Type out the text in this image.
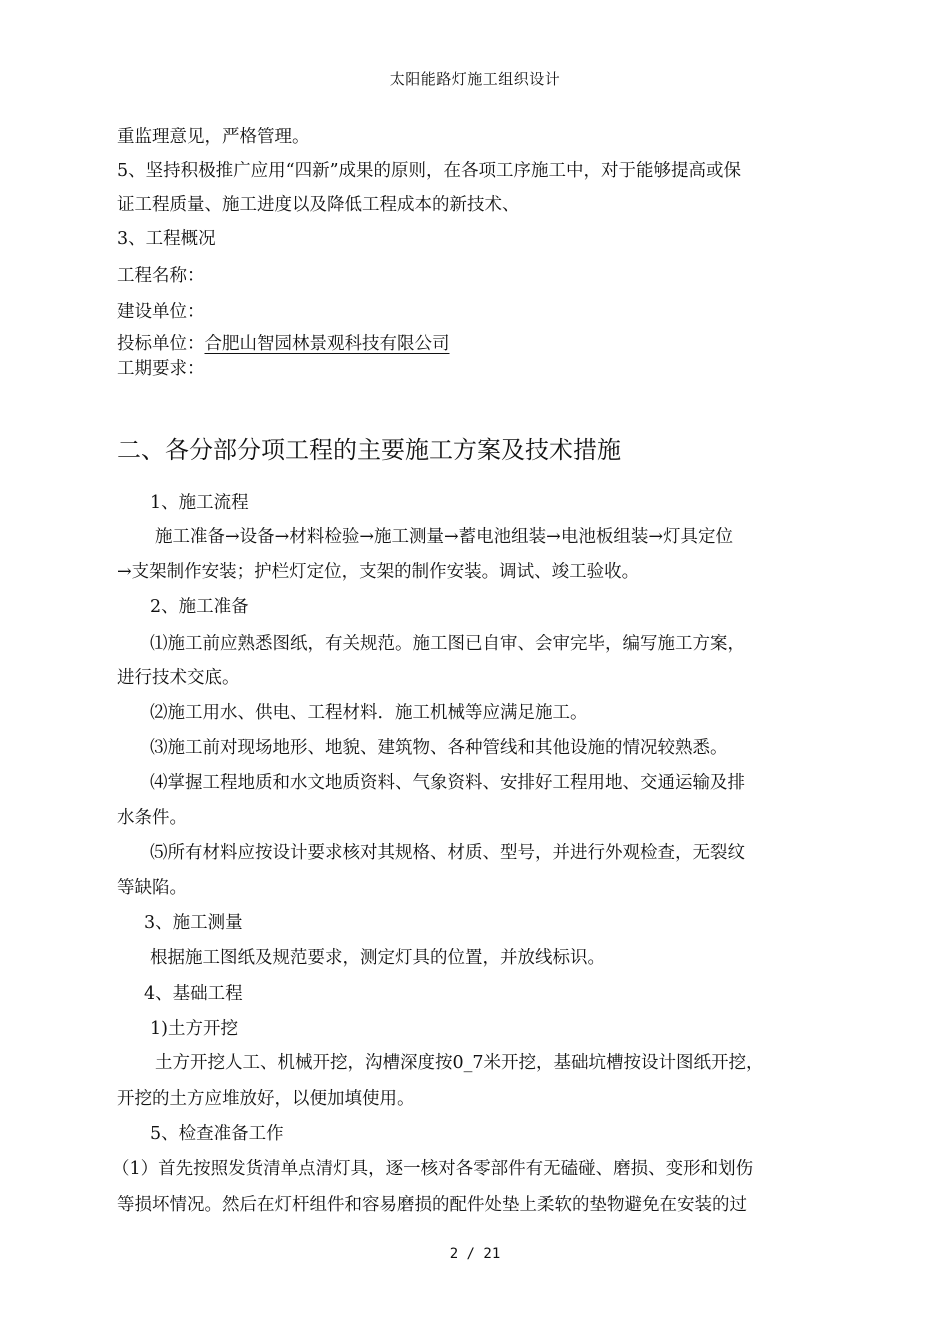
太阳能路灯施工组织设计
重监理意见，严格管理。
5、坚持积极推广应用“四新”成果的原则，在各项工序施工中，对于能够提高或保
证工程质量、施工进度以及降低工程成本的新技术、
3、工程概况
工程名称：
建设单位：
投标单位：合肥山智园林景观科技有限公司
工期要求：
二、各分部分项工程的主要施工方案及技术措施
1、施工流程
施工准备→设备→材料检验→施工测量→蓄电池组装→电池板组装→灯具定位
→支架制作安装；护栏灯定位，支架的制作安装。调试、竣工验收。
2、施工准备
⑴施工前应熟悉图纸，有关规范。施工图已自审、会审完毕，编写施工方案，
进行技术交底。
⑵施工用水、供电、工程材料．施工机械等应满足施工。
⑶施工前对现场地形、地貌、建筑物、各种管线和其他设施的情况较熟悉。
⑷掌握工程地质和水文地质资料、气象资料、安排好工程用地、交通运输及排
水条件。
⑸所有材料应按设计要求核对其规格、材质、型号，并进行外观检查，无裂纹
等缺陷。
3、施工测量
根据施工图纸及规范要求，测定灯具的位置，并放线标识。
4、基础工程
1)土方开挖
土方开挖人工、机械开挖，沟槽深度按0_7米开挖，基础坑槽按设计图纸开挖，
开挖的土方应堆放好，以便加填使用。
5、检查准备工作
（1）首先按照发货清单点清灯具，逐一核对各零部件有无磕碰、磨损、变形和划伤
等损坏情况。然后在灯杆组件和容易磨损的配件处垫上柔软的垫物避免在安装的过
2 / 21
